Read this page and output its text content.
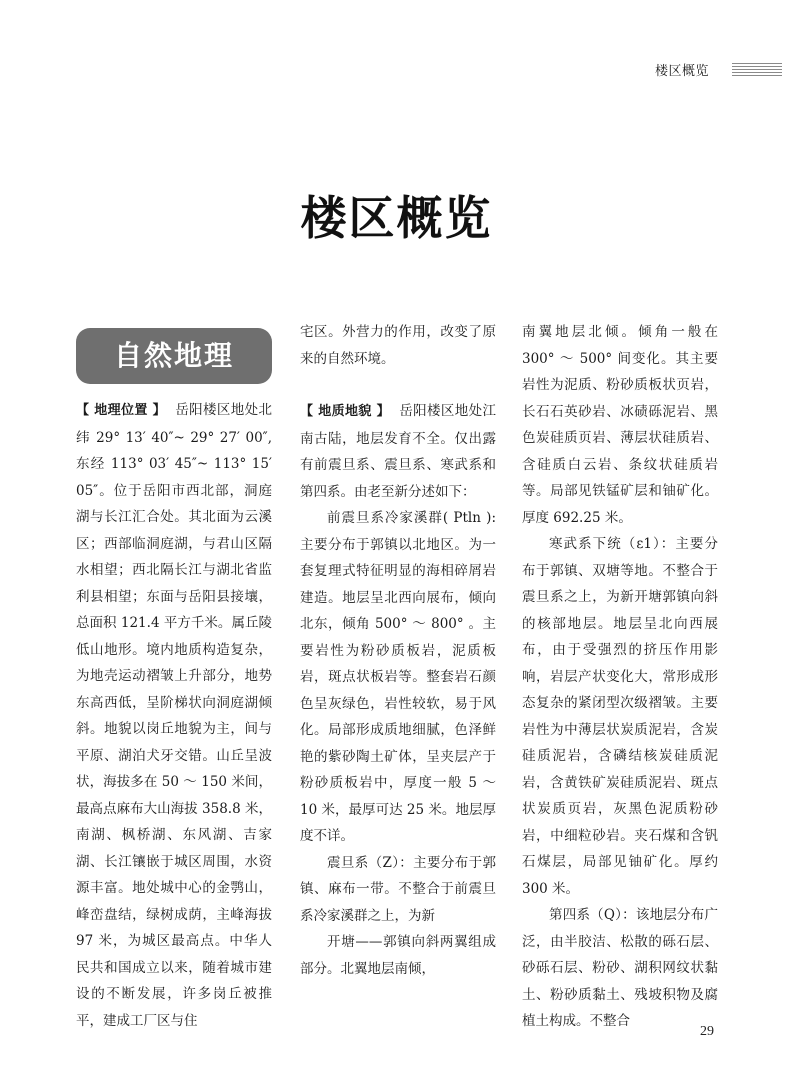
楼区概览
楼区概览
自然地理

【 地理位置 】 岳阳楼区地处北纬 29° 13′ 40″~ 29° 27′ 00″,东经 113° 03′ 45″~ 113° 15′ 05″。位于岳阳市西北部，洞庭湖与长江汇合处。其北面为云溪区；西部临洞庭湖，与君山区隔水相望；西北隔长江与湖北省监利县相望；东面与岳阳县接壤，总面积 121.4 平方千米。属丘陵低山地形。境内地质构造复杂，为地壳运动褶皱上升部分，地势东高西低，呈阶梯状向洞庭湖倾斜。地貌以岗丘地貌为主，间与平原、湖泊犬牙交错。山丘呈波状，海拔多在 50 ～ 150 米间，最高点麻布大山海拔 358.8 米，南湖、枫桥湖、东风湖、吉家湖、长江镶嵌于城区周围，水资源丰富。地处城中心的金鹗山，峰峦盘结，绿树成荫，主峰海拔 97 米，为城区最高点。中华人民共和国成立以来，随着城市建设的不断发展，许多岗丘被推平，建成工厂区与住

宅区。外营力的作用，改变了原来的自然环境。

【 地质地貌 】 岳阳楼区地处江南古陆，地层发育不全。仅出露有前震旦系、震旦系、寒武系和第四系。由老至新分述如下：

前震旦系冷家溪群( Ptln ):主要分布于郭镇以北地区。为一套复理式特征明显的海相碎屑岩建造。地层呈北西向展布，倾向北东，倾角 500° ～ 800° 。主要岩性为粉砂质板岩，泥质板岩，斑点状板岩等。整套岩石颜色呈灰绿色，岩性较软，易于风化。局部形成质地细腻，色泽鲜艳的紫砂陶土矿体，呈夹层产于粉砂质板岩中，厚度一般 5 ～ 10 米，最厚可达 25 米。地层厚度不详。

震旦系（Z）：主要分布于郭镇、麻布一带。不整合于前震旦系冷家溪群之上，为新

开塘——郭镇向斜两翼组成部分。北翼地层南倾，

南翼地层北倾。倾角一般在 300° ～ 500° 间变化。其主要岩性为泥质、粉砂质板状页岩，长石石英砂岩、冰碛砾泥岩、黑色炭硅质页岩、薄层状硅质岩、含硅质白云岩、条纹状硅质岩等。局部见铁锰矿层和铀矿化。厚度 692.25 米。

寒武系下统（ε1）：主要分布于郭镇、双塘等地。不整合于震旦系之上，为新开塘郭镇向斜的核部地层。地层呈北向西展布，由于受强烈的挤压作用影响，岩层产状变化大，常形成形态复杂的紧闭型次级褶皱。主要岩性为中薄层状炭质泥岩，含炭硅质泥岩，含磷结核炭硅质泥岩，含黄铁矿炭硅质泥岩、斑点状炭质页岩，灰黑色泥质粉砂岩，中细粒砂岩。夹石煤和含钒石煤层，局部见铀矿化。厚约 300 米。

第四系（Q）：该地层分布广泛，由半胶洁、松散的砾石层、砂砾石层、粉砂、湖积网纹状黏土、粉砂质黏土、残坡积物及腐植土构成。不整合

29
